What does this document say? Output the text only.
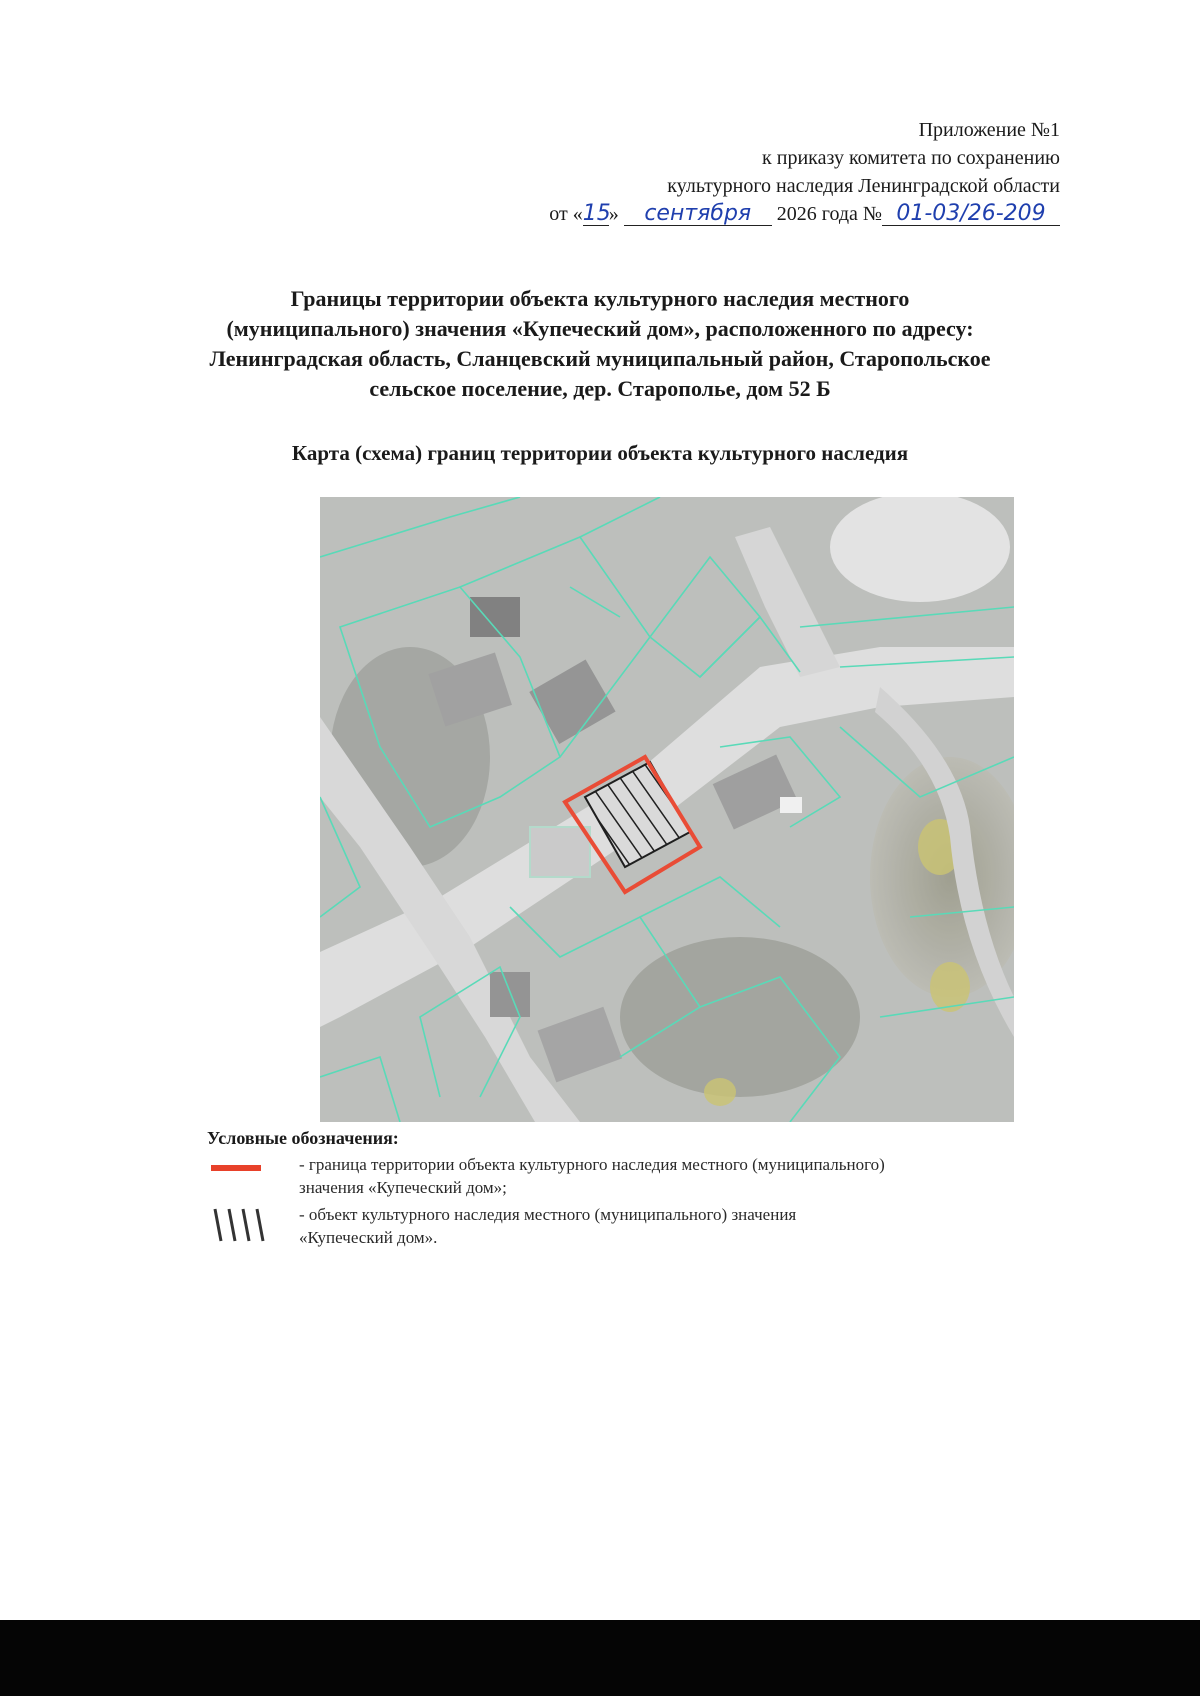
Приложение №1
к приказу комитета по сохранению
культурного наследия Ленинградской области
от «15» сентября 2026 года № 01-03/26-209
Границы территории объекта культурного наследия местного
(муниципального) значения «Купеческий дом», расположенного по адресу:
Ленинградская область, Сланцевский муниципальный район, Старопольское
сельское поселение, дер. Старополье, дом 52 Б
Карта (схема) границ территории объекта культурного наследия
Условные обозначения:
- граница территории объекта культурного наследия местного (муниципального)
значения «Купеческий дом»;
- объект культурного наследия местного (муниципального) значения
«Купеческий дом».
